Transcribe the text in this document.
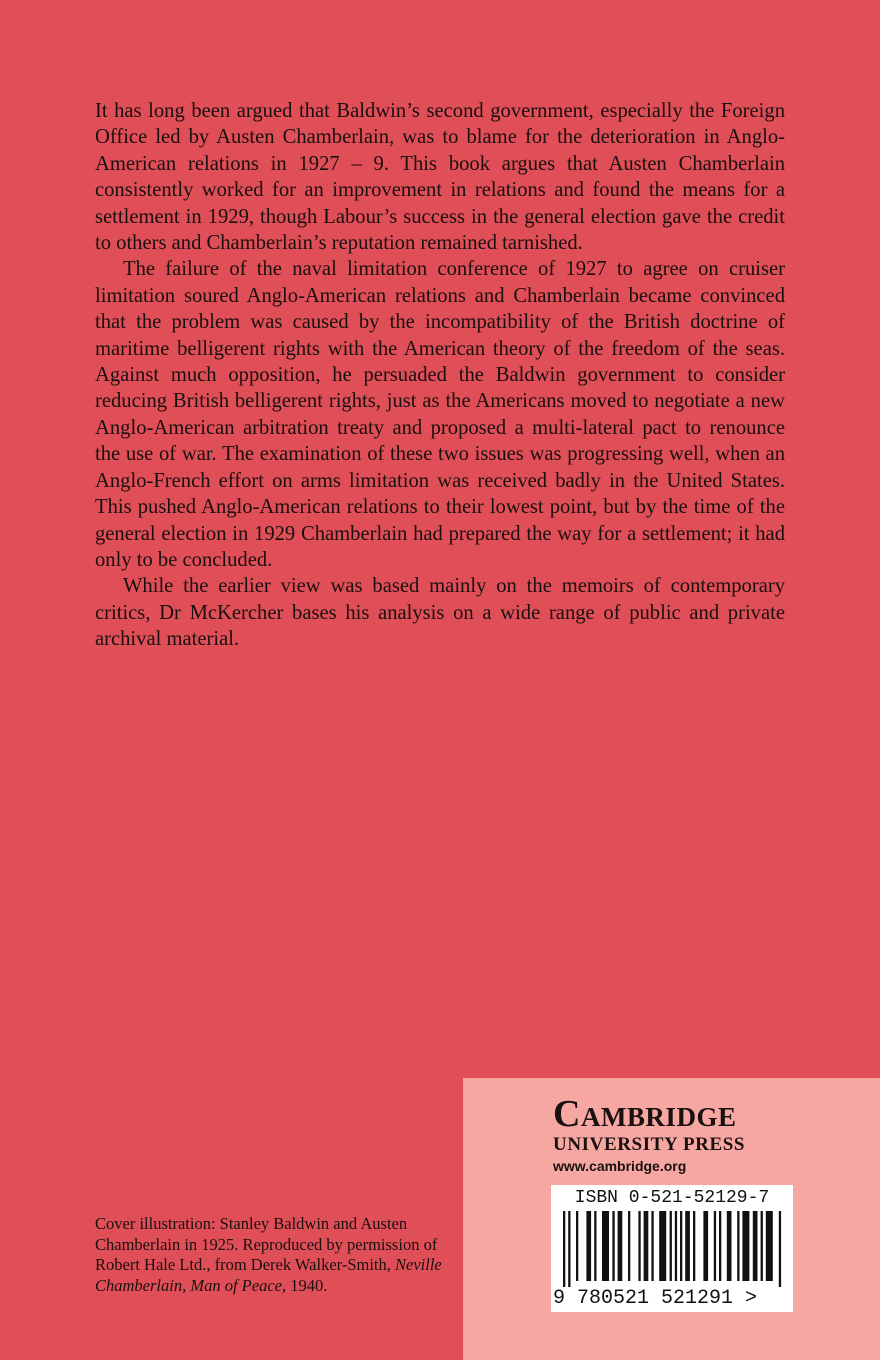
It has long been argued that Baldwin’s second government, especially the Foreign Office led by Austen Chamberlain, was to blame for the deterioration in Anglo-American relations in 1927 – 9. This book argues that Austen Chamberlain consistently worked for an improvement in relations and found the means for a settlement in 1929, though Labour’s success in the general election gave the credit to others and Chamberlain’s reputation remained tarnished.

The failure of the naval limitation conference of 1927 to agree on cruiser limitation soured Anglo-American relations and Chamberlain became convinced that the problem was caused by the incompatibility of the British doctrine of maritime belligerent rights with the American theory of the freedom of the seas. Against much opposition, he persuaded the Baldwin government to consider reducing British belligerent rights, just as the Americans moved to negotiate a new Anglo-American arbitration treaty and proposed a multi-lateral pact to renounce the use of war. The examination of these two issues was progressing well, when an Anglo-French effort on arms limitation was received badly in the United States. This pushed Anglo-American relations to their lowest point, but by the time of the general election in 1929 Chamberlain had prepared the way for a settlement; it had only to be concluded.

While the earlier view was based mainly on the memoirs of contemporary critics, Dr McKercher bases his analysis on a wide range of public and private archival material.

Cover illustration: Stanley Baldwin and Austen Chamberlain in 1925. Reproduced by permission of Robert Hale Ltd., from Derek Walker-Smith, Neville Chamberlain, Man of Peace, 1940.
Cambridge
UNIVERSITY PRESS
www.cambridge.org
ISBN 0-521-52129-7
9 780521 521291 >
